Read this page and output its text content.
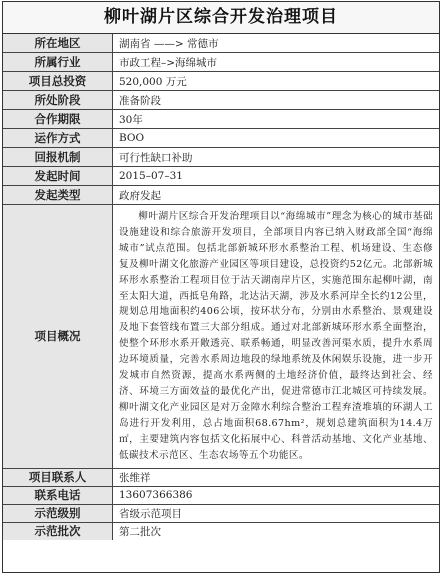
柳叶湖片区综合开发治理项目
所在地区	湖南省 ——> 常德市
所属行业	市政工程–>海绵城市
项目总投资	520,000 万元
所处阶段	准备阶段
合作期限	30年
运作方式	BOO
回报机制	可行性缺口补助
发起时间	2015–07–31
发起类型	政府发起
项目概况	柳叶湖片区综合开发治理项目以“海绵城市”理念为核心的城市基础设施建设和综合旅游开发项目，全部项目内容已纳入财政部全国“海绵城市”试点范围。包括北部新城环形水系整治工程、机场建设、生态修复及柳叶湖文化旅游产业园区等项目建设，总投资约52亿元。北部新城环形水系整治工程项目位于沽天湖南岸片区，实施范围东起柳叶湖，南至太阳大道，西抵皂角路，北达沾天湖，涉及水系河岸全长约12公里，规划总用地面积约406公顷，按环状分布，分别由水系整治、景观建设及地下套管线布置三大部分组成。通过对北部新城环形水系全面整治，使整个环形水系开敞透亮、联系畅通，明显改善河渠水质，提升水系周边环境质量，完善水系周边地段的绿地系统及休闲娱乐设施，进一步开发城市自然资源，提高水系两侧的土地经济价值，最终达到社会、经济、环境三方面效益的最优化产出，促进常德市江北城区可持续发展。柳叶湖文化产业园区是对万金障水利综合整治工程弃渣堆填的环湖人工岛进行开发利用，总占地面积68.67hm²，规划总建筑面积为14.4万㎡，主要建筑内容包括文化拓展中心、科普活动基地、文化产业基地、低碳技术示范区、生态农场等五个功能区。
项目联系人	张维祥
联系电话	13607366386
示范级别	省级示范项目
示范批次	第二批次
